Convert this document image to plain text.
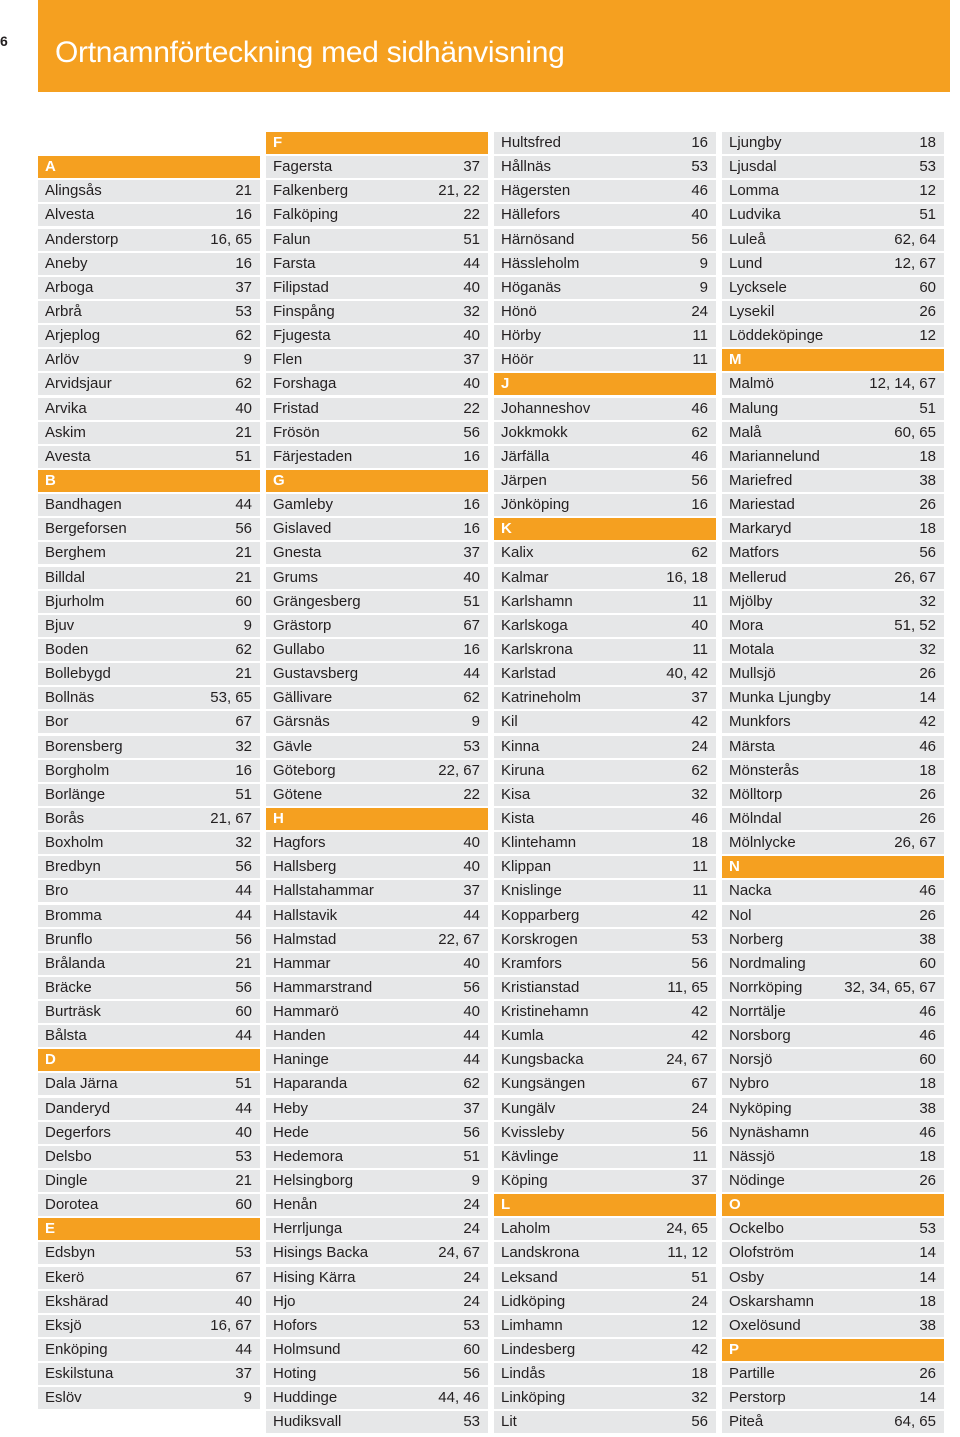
6 Ortnamnförteckning med sidhänvisning
A
Alingsås	21
Alvesta	16
Anderstorp	16, 65
Aneby	16
Arboga	37
Arbrå	53
Arjeplog	62
Arlöv	9
Arvidsjaur	62
Arvika	40
Askim	21
Avesta	51
B
Bandhagen	44
Bergeforsen	56
Berghem	21
Billdal	21
Bjurholm	60
Bjuv	9
Boden	62
Bollebygd	21
Bollnäs	53, 65
Bor	67
Borensberg	32
Borgholm	16
Borlänge	51
Borås	21, 67
Boxholm	32
Bredbyn	56
Bro	44
Bromma	44
Brunflo	56
Brålanda	21
Bräcke	56
Burträsk	60
Bålsta	44
D
Dala Järna	51
Danderyd	44
Degerfors	40
Delsbo	53
Dingle	21
Dorotea	60
E
Edsbyn	53
Ekerö	67
Ekshärad	40
Eksjö	16, 67
Enköping	44
Eskilstuna	37
Eslöv	9
F
Fagersta	37
Falkenberg	21, 22
Falköping	22
Falun	51
Farsta	44
Filipstad	40
Finspång	32
Fjugesta	40
Flen	37
Forshaga	40
Fristad	22
Frösön	56
Färjestaden	16
G
Gamleby	16
Gislaved	16
Gnesta	37
Grums	40
Grängesberg	51
Grästorp	67
Gullabo	16
Gustavsberg	44
Gällivare	62
Gärsnäs	9
Gävle	53
Göteborg	22, 67
Götene	22
H
Hagfors	40
Hallsberg	40
Hallstahammar	37
Hallstavik	44
Halmstad	22, 67
Hammar	40
Hammarstrand	56
Hammarö	40
Handen	44
Haninge	44
Haparanda	62
Heby	37
Hede	56
Hedemora	51
Helsingborg	9
Henån	24
Herrljunga	24
Hisings Backa	24, 67
Hising Kärra	24
Hjo	24
Hofors	53
Holmsund	60
Hoting	56
Huddinge	44, 46
Hudiksvall	53
Hultsfred	16
Hållnäs	53
Hägersten	46
Hällefors	40
Härnösand	56
Hässleholm	9
Höganäs	9
Hönö	24
Hörby	11
Höör	11
J
Johanneshov	46
Jokkmokk	62
Järfälla	46
Järpen	56
Jönköping	16
K
Kalix	62
Kalmar	16, 18
Karlshamn	11
Karlskoga	40
Karlskrona	11
Karlstad	40, 42
Katrineholm	37
Kil	42
Kinna	24
Kiruna	62
Kisa	32
Kista	46
Klintehamn	18
Klippan	11
Knislinge	11
Kopparberg	42
Korskrogen	53
Kramfors	56
Kristianstad	11, 65
Kristinehamn	42
Kumla	42
Kungsbacka	24, 67
Kungsängen	67
Kungälv	24
Kvissleby	56
Kävlinge	11
Köping	37
L
Laholm	24, 65
Landskrona	11, 12
Leksand	51
Lidköping	24
Limhamn	12
Lindesberg	42
Lindås	18
Linköping	32
Lit	56
Ljungby	18
Ljusdal	53
Lomma	12
Ludvika	51
Luleå	62, 64
Lund	12, 67
Lycksele	60
Lysekil	26
Löddeköpinge	12
M
Malmö	12, 14, 67
Malung	51
Malå	60, 65
Mariannelund	18
Mariefred	38
Mariestad	26
Markaryd	18
Matfors	56
Mellerud	26, 67
Mjölby	32
Mora	51, 52
Motala	32
Mullsjö	26
Munka Ljungby	14
Munkfors	42
Märsta	46
Mönsterås	18
Mölltorp	26
Mölndal	26
Mölnlycke	26, 67
N
Nacka	46
Nol	26
Norberg	38
Nordmaling	60
Norrköping	32, 34, 65, 67
Norrtälje	46
Norsborg	46
Norsjö	60
Nybro	18
Nyköping	38
Nynäshamn	46
Nässjö	18
Nödinge	26
O
Ockelbo	53
Olofström	14
Osby	14
Oskarshamn	18
Oxelösund	38
P
Partille	26
Perstorp	14
Piteå	64, 65
